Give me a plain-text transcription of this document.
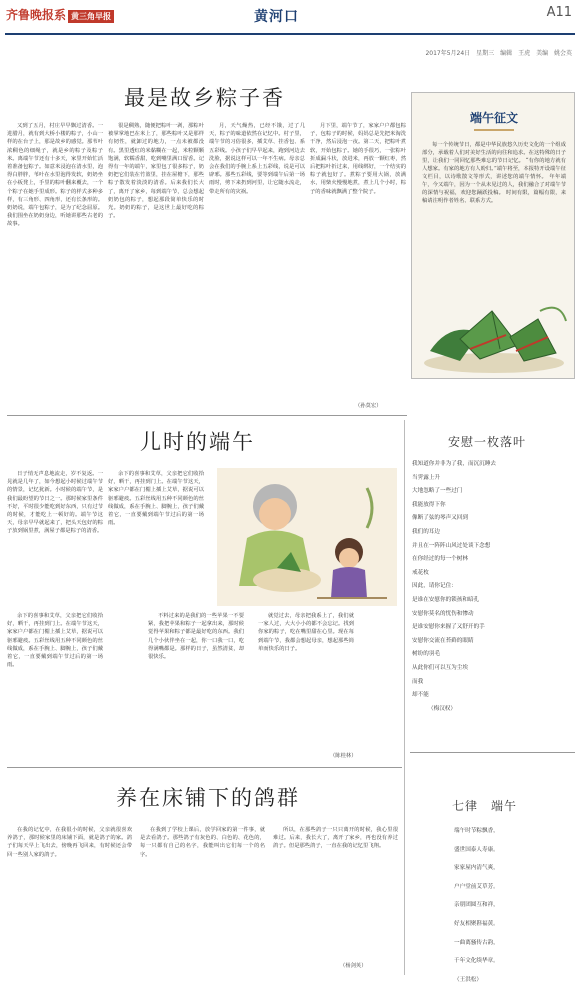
齐鲁晚报系 黄三角早报	黄河口	A11
2017年5月24日　星期三　编辑 王虎　美编 姚会英
最是故乡粽子香

又到了五月，村庄早早飘过清香。一进腊月，就有到大桥小楼的粽子，小山一样的在台子上，那是故乡的感觉。那苇叶浓稠色的细绳子，就是乡的粽子及粽子米。离端午节还有十多天，家里开始忙活着准备包粽子。如意米浸泡在清水里，泡得白胖胖，苇叶在水里泡得发软，奶奶坐在小板凳上，手里的粽叶翻来覆去，一个个粽子在她手里成形。粽子的样式多种多样，有三角形、四角形，还有长条形的。奶奶说，端午包粽子，是为了纪念屈原。我们围坐在奶奶身边，听她讲那些古老的故事。

很是稠熟，随便把粽叶一剥，那粽叶被掌掌地巴在米上了，那些粽叶又是那样有韧性，就卸过的地力，一点未被都没有。黑里透红的米黏糊在一起，米粒颗颗饱满，软糯香甜，吃到嘴里满口留香。记得有一年的端午，家里包了很多粽子，奶奶把它们装在竹篮里，挂在屋檐下，那些粽子散发着淡淡的清香。后来我们长大了，离开了家乡，每到端午节，总会想起奶奶包的粽子，想起那段简单快乐的时光。奶奶的粽子，是这世上最好吃的粽子。

月，天气燥热，已经不饿，过了几天，粽子的味道依然在记忆中。村子里，端午节的习俗很多，插艾草、挂香包、系五彩线。小孩子们早早起来，跑到河边去洗脸，据说这样可以一年不生病。母亲总会在我们的手腕上系上五彩线，说是可以辟邪。那些五彩线，要等到端午后第一场雨时，剪下来扔到河里，让它随水流走，带走所有的灾祸。

月下里，端午节了，家家户户都包粽子，包粽子的时候，妈妈总是先把米淘洗干净，然后浸泡一夜。第二天，把粽叶煮软，开始包粽子。她的手很巧，一张粽叶折成漏斗状，放进米，再放一颗红枣，然后把粽叶折过来，用线绑好，一个结实的粽子就包好了。煮粽子要用大锅，放满水，用柴火慢慢地煮，煮上几个小时，粽子的香味就飘满了整个院子。

（孙莫宏）
端午征文

每一个传统节日，都是中华民族悠久历史文化的一个组成部分，承载着人们对美好生活的向往和追求。在这特殊的日子里，让我们一同回忆那些难忘的节日记忆。 “有你的地方就有人想家。有家的地方有人盼归。”端午将至，本报特开设端午征文栏目，以诗歌散文等形式，讲述您的端午情怀。 年年端午，今又端午，因为一个从未见过的人，我们融合了对端午节的深情与祝福，欢迎您踊跃投稿。 时间有限，篇幅有限，来稿请注明作者姓名、联系方式。

儿时的端午

日子悄无声息地流走，岁不复返。一晃就是几年了，如今想起小时候过端午节的情景，记忆犹新。小时候的端午节，是我们最盼望的节日之一。那时候家里条件不好，平时很少能吃到好东西，只有过节的时候，才能吃上一顿好的。端午节这天，母亲早早就起来了，把头天包好的粽子放到锅里煮，满屋子都是粽子的清香。

余下的喜事和艾草，父亲把它们收拾好，晒干，再挂到门上。在端午节这天，家家户户都在门楣上插上艾草，据说可以驱邪避疫。五彩丝线用五种不同颜色的丝线做成，系在手腕上、脚腕上，孩子们戴着它，一直要戴到端午节过后的第一场雨。

余下的喜事和艾草，父亲把它们收拾好，晒干，再挂到门上。在端午节这天，家家户户都在门楣上插上艾草，据说可以驱邪避疫。五彩丝线用五种不同颜色的丝线做成，系在手腕上、脚腕上，孩子们戴着它，一直要戴到端午节过后的第一场雨。

不料过来的是我们的一些苹果一不要紧，我把苹果和粽子一起拿出来，那时候觉得苹果和粽子都是最好吃的东西。我们几个小伙伴坐在一起，你一口我一口，吃得满嘴都是。那样的日子，虽然清贫，却很快乐。

就觉过去，母亲把我系上了，我们就一家人过，大大小小的都不会忘记。找到你家的粽子，吃在嘴里甜在心里。现在每到端午节，我都会想起母亲，想起那些简单而快乐的日子。

（陈桂林）
养在床铺下的鸽群

在我的记忆中，在我很小的时候，父亲就很喜欢养鸽子，那时候家里的床铺下面，就是鸽子的家。鸽子们每天早上飞出去，傍晚再飞回来，有时候还会带回一些别人家的鸽子。

在我到了学校上课后，放学回家的第一件事，就是去看鸽子。那些鸽子有灰色的、白色的、花色的，每一只都有自己的名字，我能叫出它们每一个的名字。

所以，在那些鸽子一只只离开的时候，我心里很难过。后来，我长大了，离开了家乡，再也没有养过鸽子。但是那些鸽子，一直在我的记忆里飞翔。

（杨剑英）
安慰一枚落叶
我知道你并非为了我，而沉沉睡去
当霁露上升
大地忽略了一些过门
我能放得下你
像断了弦的琴声又回到
我们的耳边
并且在一阵阵山风过处谈下念想
在你经过的每一个树林
戒花枚
因此，请你记住：
是谁在安慰你的锁孩和暗孔
安慰你莫名的忧伤和惨动
是谁安慰你来握了又舒开的手
安慰你交流在苔藓的眼睛
树纷的羽毛
从此你们可以互为尘埃
而我
却不能
（梅汉权）
七律　端午
端午时节粽飘香，
盛世国泰人寿康。
家家屋内清气爽，
户户堂前艾草芳。
亲朋团圆互和祥，
好友相聚斟福黄。
一曲离骚传古韵，
千年文化续华章。
（王洪松）
